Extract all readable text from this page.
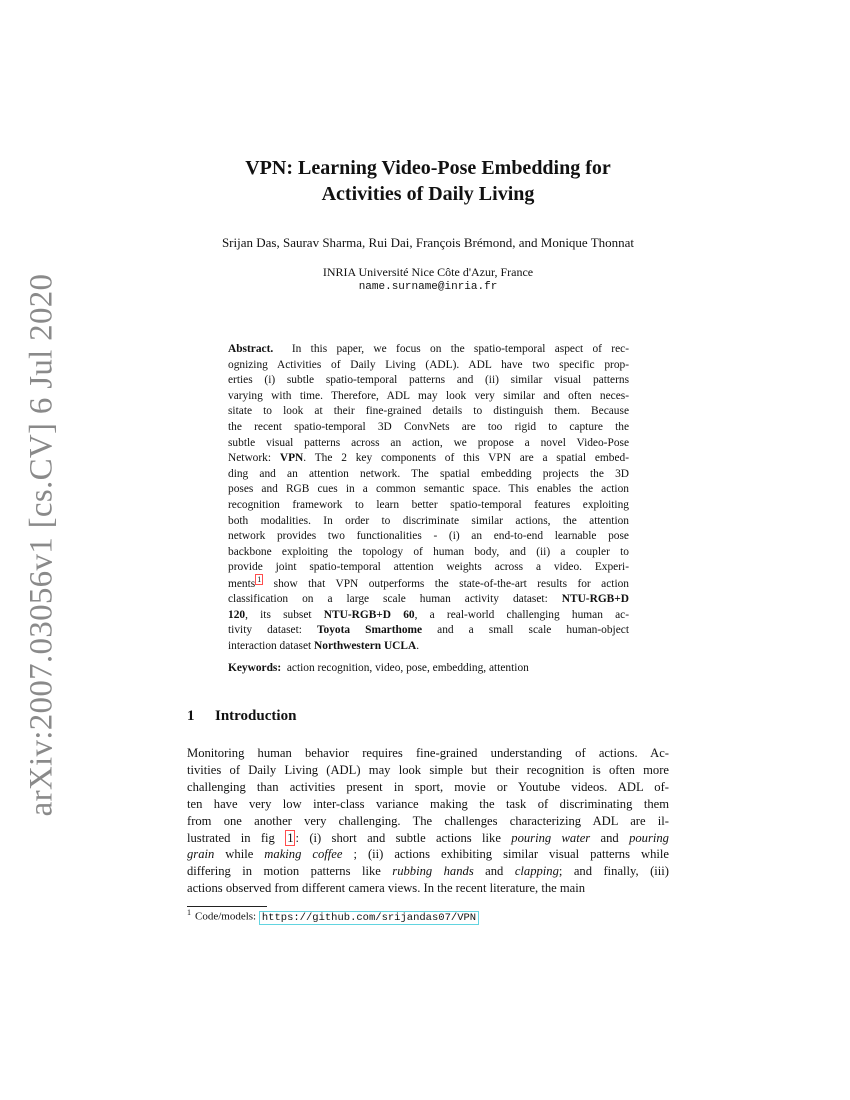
arXiv:2007.03056v1 [cs.CV] 6 Jul 2020
VPN: Learning Video-Pose Embedding for
Activities of Daily Living
Srijan Das, Saurav Sharma, Rui Dai, François Brémond, and Monique Thonnat
INRIA Université Nice Côte d'Azur, France
name.surname@inria.fr
Abstract. In this paper, we focus on the spatio-temporal aspect of rec-
ognizing Activities of Daily Living (ADL). ADL have two specific prop-
erties (i) subtle spatio-temporal patterns and (ii) similar visual patterns
varying with time. Therefore, ADL may look very similar and often neces-
sitate to look at their fine-grained details to distinguish them. Because
the recent spatio-temporal 3D ConvNets are too rigid to capture the
subtle visual patterns across an action, we propose a novel Video-Pose
Network: VPN. The 2 key components of this VPN are a spatial embed-
ding and an attention network. The spatial embedding projects the 3D
poses and RGB cues in a common semantic space. This enables the action
recognition framework to learn better spatio-temporal features exploiting
both modalities. In order to discriminate similar actions, the attention
network provides two functionalities - (i) an end-to-end learnable pose
backbone exploiting the topology of human body, and (ii) a coupler to
provide joint spatio-temporal attention weights across a video. Experi-
ments $^1$ show that VPN outperforms the state-of-the-art results for action
classification on a large scale human activity dataset: NTU-RGB+D
120, its subset NTU-RGB+D 60, a real-world challenging human ac-
tivity dataset: Toyota Smarthome and a small scale human-object
interaction dataset Northwestern UCLA.
Keywords: action recognition, video, pose, embedding, attention
1 Introduction
Monitoring human behavior requires fine-grained understanding of actions. Ac-
tivities of Daily Living (ADL) may look simple but their recognition is often more
challenging than activities present in sport, movie or Youtube videos. ADL of-
ten have very low inter-class variance making the task of discriminating them
from one another very challenging. The challenges characterizing ADL are il-
lustrated in fig 1 : (i) short and subtle actions like pouring water and pouring
grain while making coffee ; (ii) actions exhibiting similar visual patterns while
differing in motion patterns like rubbing hands and clapping; and finally, (iii)
actions observed from different camera views. In the recent literature, the main
$^1$ Code/models: https://github.com/srijandas07/VPN
